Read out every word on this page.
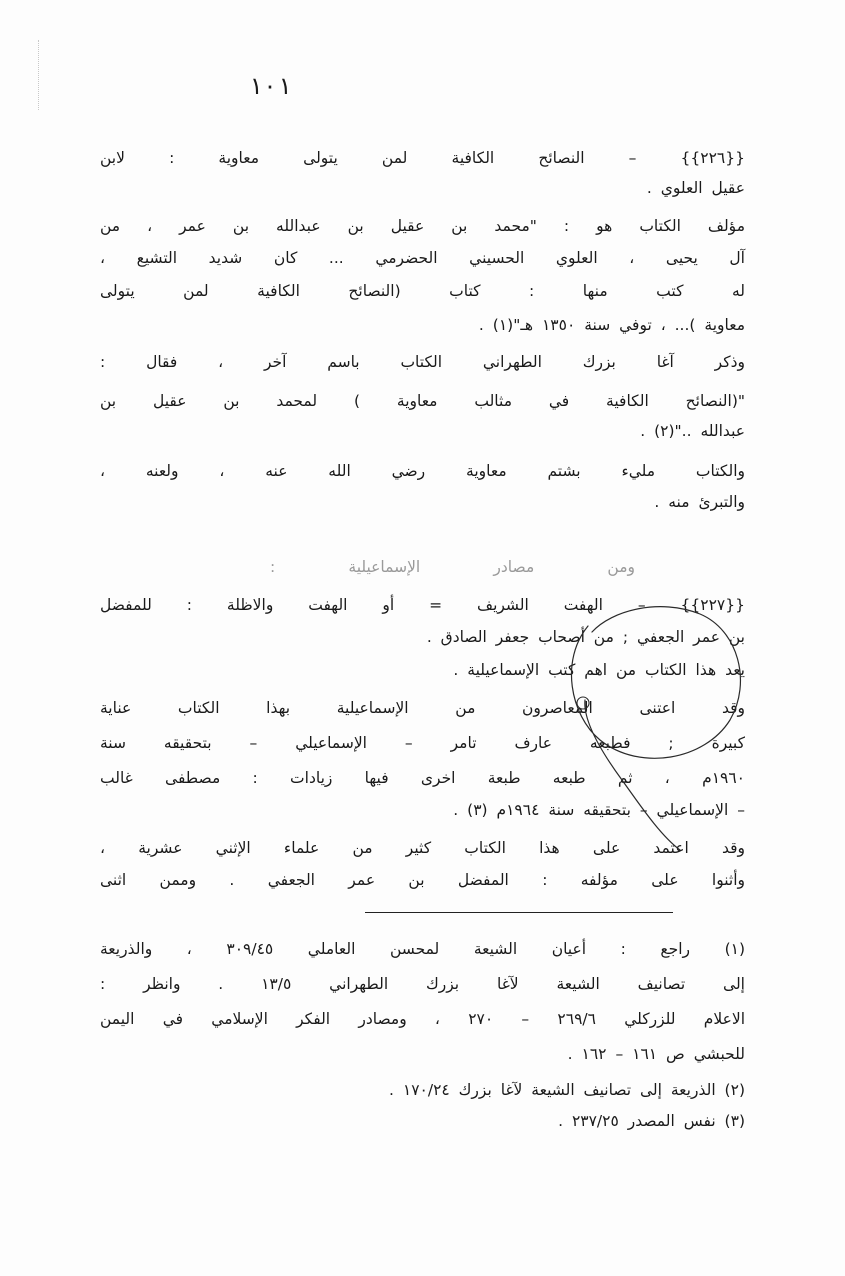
١٠١
{{٢٢٦}} – النصائح الكافية لمن يتولى معاوية : لابن
عقيل العلوي .
مؤلف الكتاب هو : "محمد بن عقيل بن عبدالله بن عمر ، من
آل يحيى ، العلوي الحسيني الحضرمي ... كان شديد التشيع ،
له كتب منها : كتاب (النصائح الكافية لمن يتولى
معاوية )... ، توفي سنة ١٣٥٠ هـ"(١) .
وذكر آغا بزرك الطهراني الكتاب باسم آخر ، فقال :
"(النصائح الكافية في مثالب معاوية ) لمحمد بن عقيل بن
عبدالله .."(٢) .
والكتاب مليء بشتم معاوية رضي الله عنه ، ولعنه ،
والتبرئ منه .
ومن مصادر الإسماعيلية :
{{٢٢٧}} – الهفت الشريف = أو الهفت والاظلة : للمفضل
بن عمر الجعفي ; من أصحاب جعفر الصادق .
يعد هذا الكتاب من اهم كتب الإسماعيلية .
وقد اعتنى المعاصرون من الإسماعيلية بهذا الكتاب عناية
كبيرة ; فطبعه عارف تامر – الإسماعيلي – بتحقيقه سنة
١٩٦٠م ، ثم طبعه طبعة اخرى فيها زيادات : مصطفى غالب
– الإسماعيلي – بتحقيقه سنة ١٩٦٤م (٣) .
وقد اعتمد على هذا الكتاب كثير من علماء الإثني عشرية ،
وأثنوا على مؤلفه : المفضل بن عمر الجعفي . وممن اثنى
(١) راجع : أعيان الشيعة لمحسن العاملي ٣٠٩/٤٥ ، والذريعة
إلى تصانيف الشيعة لآغا بزرك الطهراني ١٣/٥ . وانظر :
الاعلام للزركلي ٢٦٩/٦ – ٢٧٠ ، ومصادر الفكر الإسلامي في اليمن
للحبشي ص ١٦١ – ١٦٢ .
(٢) الذريعة إلى تصانيف الشيعة لآغا بزرك ١٧٠/٢٤ .
(٣) نفس المصدر ٢٣٧/٢٥ .
